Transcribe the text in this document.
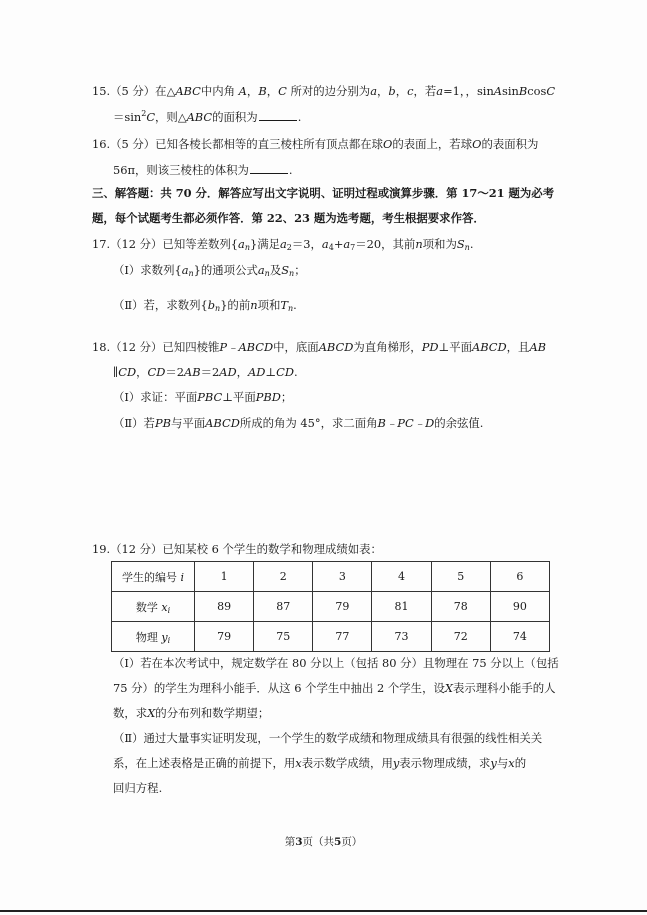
15.（5 分）在△ABC中内角 A，B，C 所对的边分别为a，b，c，若a=1，，sinAsinBcosC
$=\sin^2C$，则△ABC的面积为	.
16.（5 分）已知各棱长都相等的直三棱柱所有顶点都在球O的表面上，若球O的表面积为
56π，则该三棱柱的体积为	.
三、解答题：共 70 分．解答应写出文字说明、证明过程或演算步骤．第 17～21 题为必考
题，每个试题考生都必须作答．第 22、23 题为选考题，考生根据要求作答．
17.（12 分）已知等差数列$\{a_n\}$满足$a_2=3$，$a_4+a_7=20$，其前n项和为$S_n$.
（Ⅰ）求数列$\{a_n\}$的通项公式$a_n$及$S_n$；
（Ⅱ）若，求数列$\{b_n\}$的前n项和$T_n$.
18.（12 分）已知四棱锥P﹣ABCD中，底面ABCD为直角梯形，PD⊥平面ABCD，且AB
∥CD，CD＝2AB＝2AD，AD⊥CD.
（Ⅰ）求证：平面PBC⊥平面PBD；
（Ⅱ）若PB与平面ABCD所成的角为 45°，求二面角B﹣PC﹣D的余弦值.
19.（12 分）已知某校 6 个学生的数学和物理成绩如表：
学生的编号 i	1	2	3	4	5	6
数学 $x_i$	89	87	79	81	78	90
物理 $y_i$	79	75	77	73	72	74
（Ⅰ）若在本次考试中，规定数学在 80 分以上（包括 80 分）且物理在 75 分以上（包括
75 分）的学生为理科小能手．从这 6 个学生中抽出 2 个学生，设X表示理科小能手的人
数，求X的分布列和数学期望；
（Ⅱ）通过大量事实证明发现，一个学生的数学成绩和物理成绩具有很强的线性相关关
系，在上述表格是正确的前提下，用x表示数学成绩，用y表示物理成绩，求y与x的
回归方程.
第3页（共5页）
